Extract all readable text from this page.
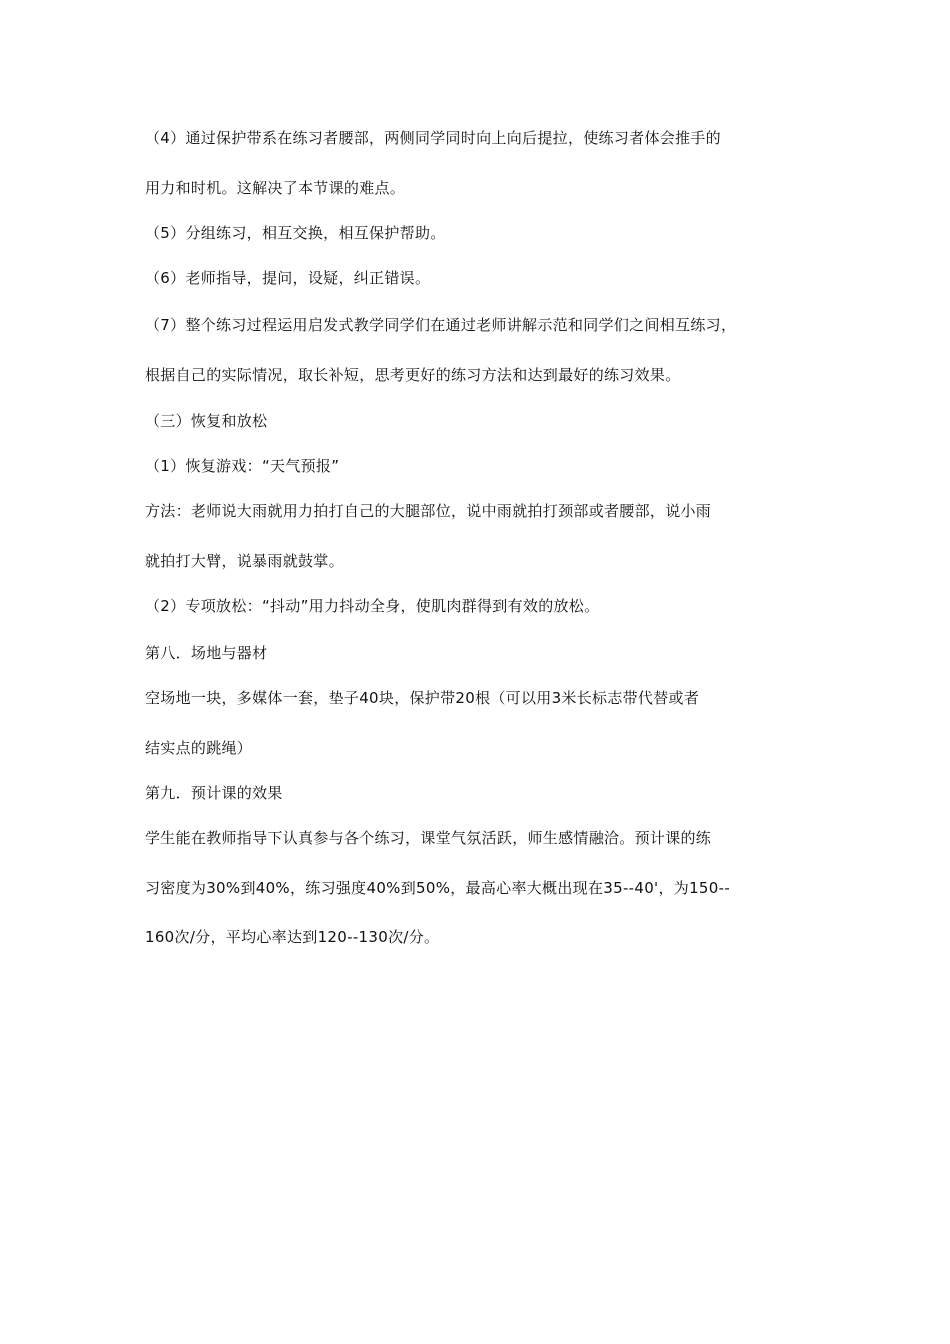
（4）通过保护带系在练习者腰部，两侧同学同时向上向后提拉，使练习者体会推手的
用力和时机。这解决了本节课的难点。
（5）分组练习，相互交换，相互保护帮助。
（6）老师指导，提问，设疑，纠正错误。
（7）整个练习过程运用启发式教学同学们在通过老师讲解示范和同学们之间相互练习，
根据自己的实际情况，取长补短，思考更好的练习方法和达到最好的练习效果。
（三）恢复和放松
（1）恢复游戏：“天气预报”
方法：老师说大雨就用力拍打自己的大腿部位，说中雨就拍打颈部或者腰部，说小雨
就拍打大臂，说暴雨就鼓掌。
（2）专项放松：“抖动”用力抖动全身，使肌肉群得到有效的放松。
第八．场地与器材
空场地一块，多媒体一套，垫子40块，保护带20根（可以用3米长标志带代替或者
结实点的跳绳）
第九．预计课的效果
学生能在教师指导下认真参与各个练习，课堂气氛活跃，师生感情融洽。预计课的练
习密度为30%到40%，练习强度40%到50%，最高心率大概出现在35--40'，为150--
160次/分，平均心率达到120--130次/分。
